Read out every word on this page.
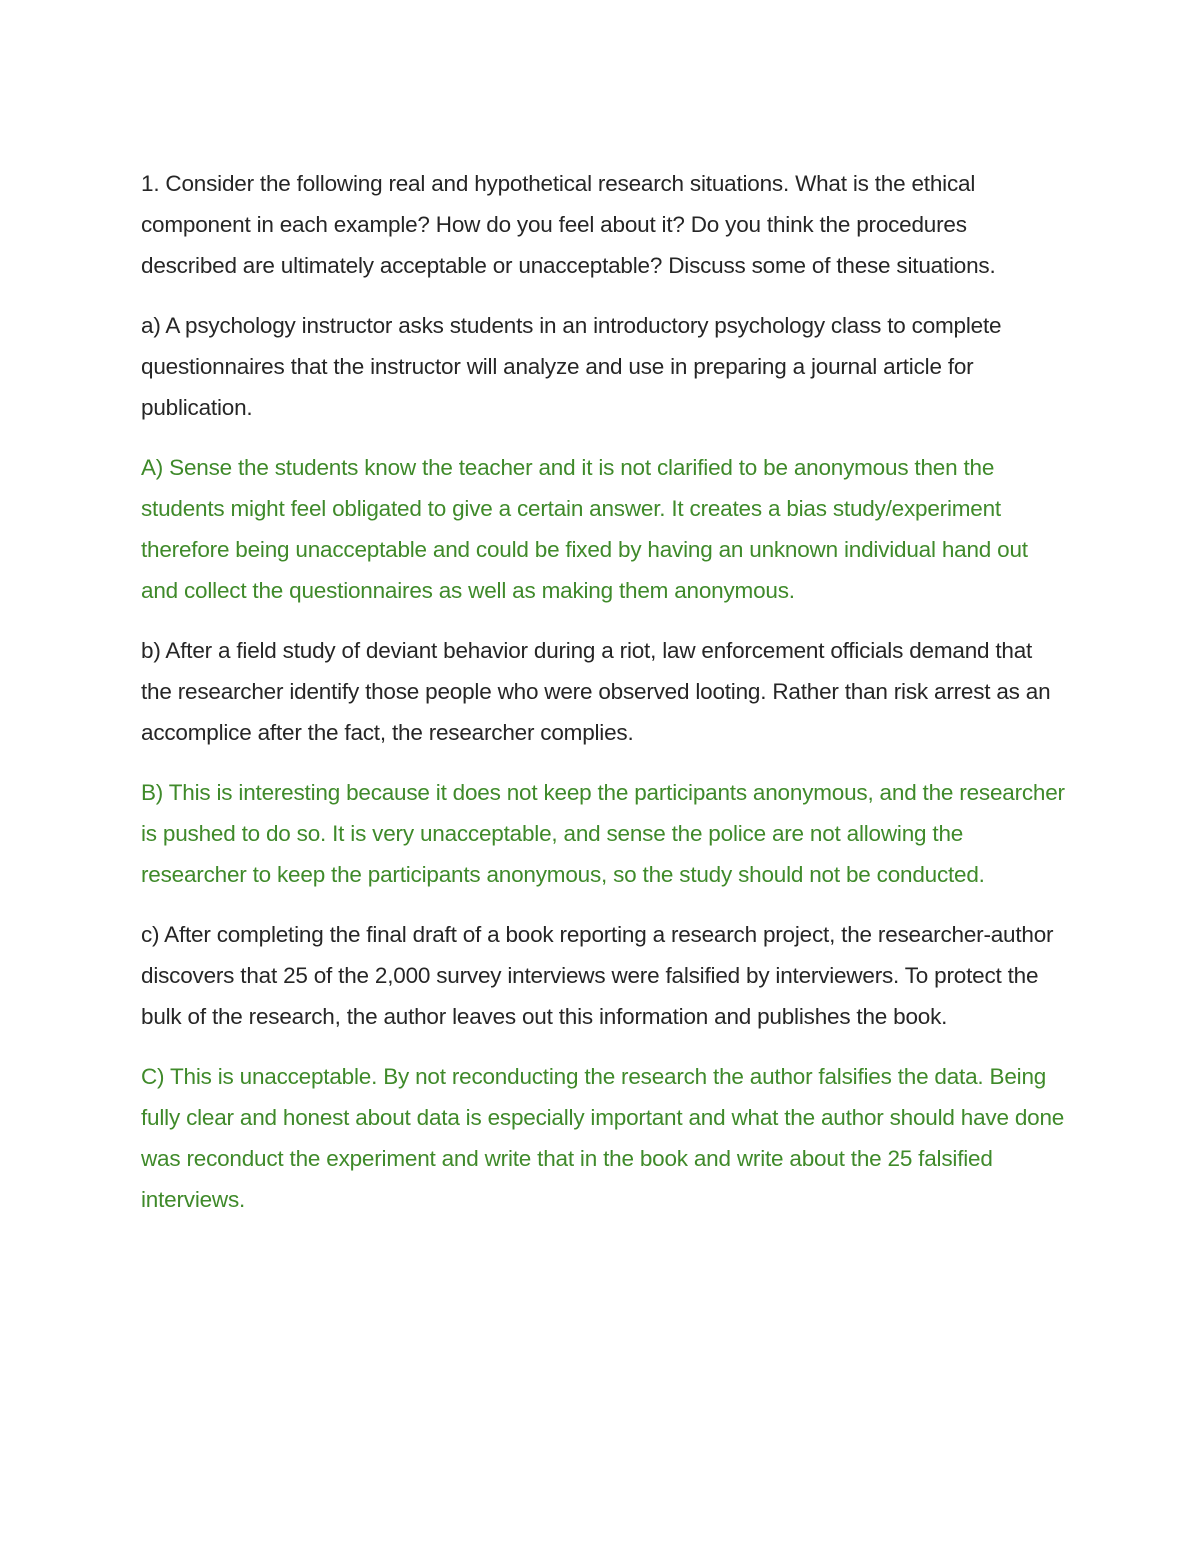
1. Consider the following real and hypothetical research situations. What is the ethical component in each example? How do you feel about it? Do you think the procedures described are ultimately acceptable or unacceptable? Discuss some of these situations.

a) A psychology instructor asks students in an introductory psychology class to complete questionnaires that the instructor will analyze and use in preparing a journal article for publication.

A) Sense the students know the teacher and it is not clarified to be anonymous then the students might feel obligated to give a certain answer. It creates a bias study/experiment therefore being unacceptable and could be fixed by having an unknown individual hand out and collect the questionnaires as well as making them anonymous.

b) After a field study of deviant behavior during a riot, law enforcement officials demand that the researcher identify those people who were observed looting. Rather than risk arrest as an accomplice after the fact, the researcher complies.

B) This is interesting because it does not keep the participants anonymous, and the researcher is pushed to do so. It is very unacceptable, and sense the police are not allowing the researcher to keep the participants anonymous, so the study should not be conducted.

c) After completing the final draft of a book reporting a research project, the researcher-author discovers that 25 of the 2,000 survey interviews were falsified by interviewers. To protect the bulk of the research, the author leaves out this information and publishes the book.

C) This is unacceptable. By not reconducting the research the author falsifies the data. Being fully clear and honest about data is especially important and what the author should have done was reconduct the experiment and write that in the book and write about the 25 falsified interviews.
